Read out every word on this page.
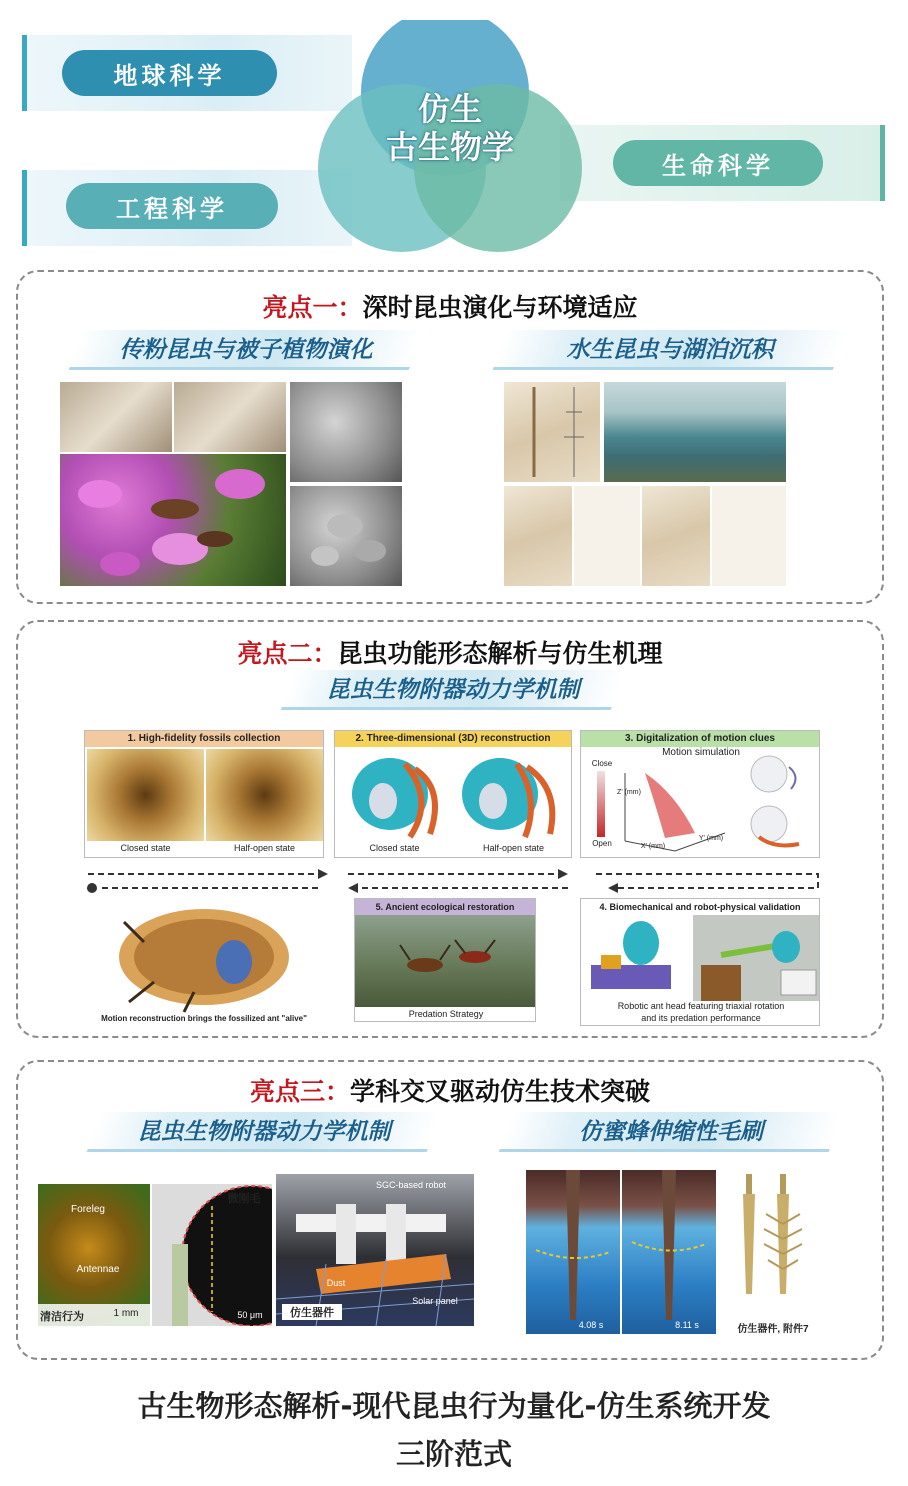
地球科学
工程科学
生命科学
仿生
古生物学
亮点一：深时昆虫演化与环境适应
传粉昆虫与被子植物演化	水生昆虫与湖泊沉积
亮点二：昆虫功能形态解析与仿生机理
昆虫生物附器动力学机制
1. High-fidelity fossils collection
Closed state	Half-open state
2. Three-dimensional (3D) reconstruction
Closed state	Half-open state
3. Digitalization of motion clues
Motion simulation
Close
Open
Z' (mm)
X' (mm)
Y' (mm)
Motion reconstruction brings the fossilized ant "alive"
5. Ancient ecological restoration
Predation Strategy
4. Biomechanical and robot-physical validation
Robotic ant head featuring triaxial rotation
and its predation performance
亮点三：学科交叉驱动仿生技术突破
昆虫生物附器动力学机制	仿蜜蜂伸缩性毛刷
Foreleg
Antennae
清洁行为	1 mm
微刚毛
50 μm
SGC-based robot
Dust
Solar panel
仿生器件
4.08 s	8.11 s	仿生器件, 附件7
古生物形态解析-现代昆虫行为量化-仿生系统开发
三阶范式
